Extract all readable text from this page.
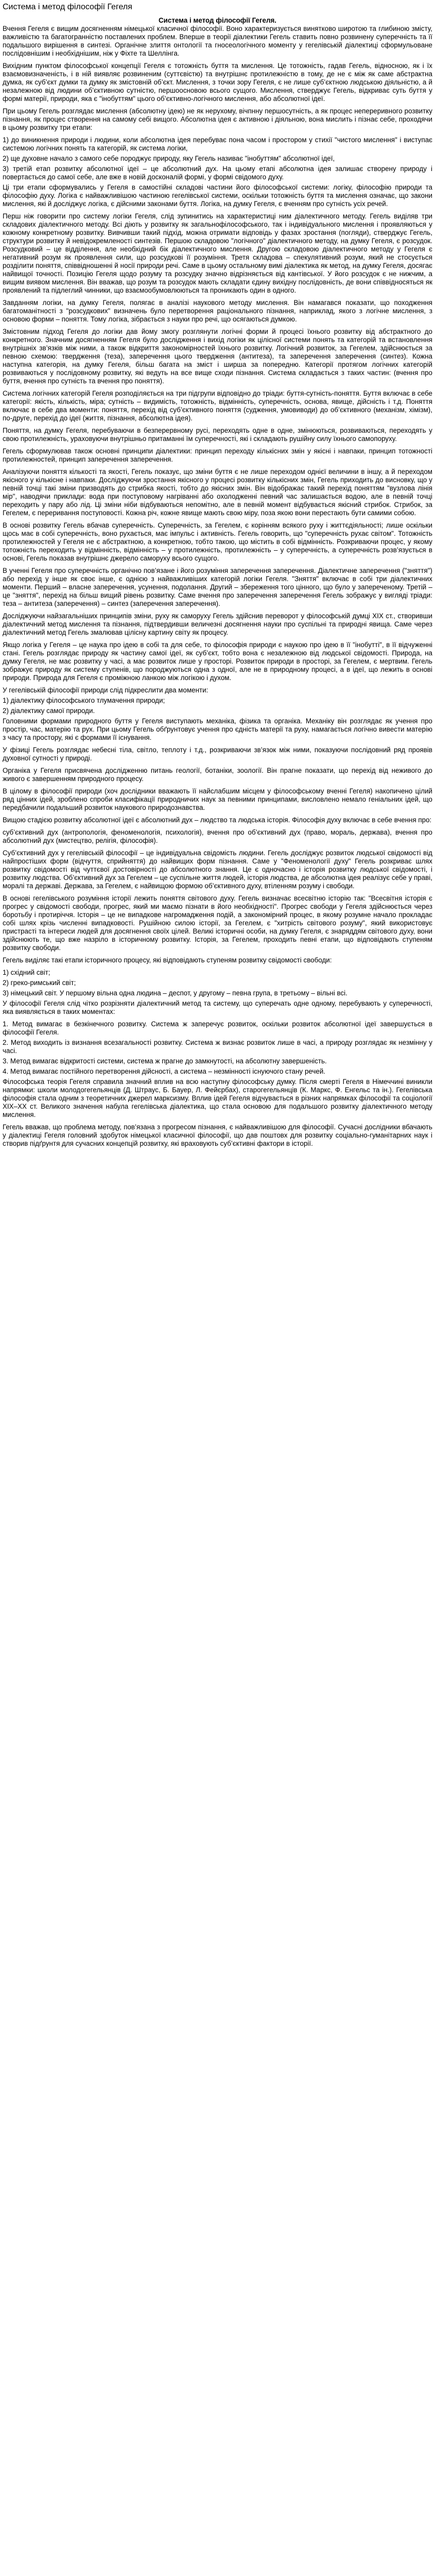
Система і метод філософії Гегеля
Система і метод філософії Гегеля.

Вчення Гегеля є вищим досягненням німецької класичної філософії. Воно характеризується винятково широтою та глибиною змісту, важливістю та багатогранністю поставлених проблем. Вперше в теорії діалектики Гегель ставить повно розвинену суперечність та її подальшого вирішення в синтезі. Органічне злиття онтології та гносеологічного моменту у гегелівській діалектиці сформульоване послідовнішим і необхіднішим, ніж у Фіхте та Шеллінга.

Вихідним пунктом філософської концепції Гегеля є тотожність буття та мислення. Це тотожність, гадав Гегель, відносною, як і їх взаємовизначеність, і в ній виявляє розвиненим (суттєвістю) та внутрішнє протилежністю в тому, де не є між як саме абстрактна думка, як суб’єкт думки та думку як змістовній об’єкт. Мислення, з точки зору Гегеля, є не лише суб’єктною людською діяльністю, а й незалежною від людини об’єктивною сутністю, першоосновою всього сущого. Мислення, стверджує Гегель, відкриває суть буття у формі матерії, природи, яка є "інобуттям" цього об’єктивно-логічного мислення, або абсолютної ідеї.

При цьому Гегель розглядає мислення (абсолютну ідею) не як нерухому, вічпнну першосутність, а як процес непереривного розвитку пізнання, як процес створення на самому себі вищого. Абсолютна ідея є активною і діяльною, вона мислить і пізнає себе, проходячи в цьому розвитку три етапи:

1) до виникнення природи і людини, коли абсолютна ідея перебуває пона часом і простором у стихії "чистого мислення" і виступає системою логічних понять та категорій, як система логіки,

2) ще духовне начало з самого себе породжує природу, яку Гегель називає "інобуттям" абсолютної ідеї,

3) третій етап розвитку абсолютної ідеї – це абсолютний дух. На цьому етапі абсолютна ідея залишає створену природу і повертається до самої себе, але вже в новій досконалій формі, у формі свідомого духу.

Ці три етапи сформувались у Гегеля в самостійні складові частини його філософської системи: логіку, філософію природи та філософію духу. Логіка є найважливішою частиною гегелівської системи, оскільки тотожність буття та мислення означає, що закони мислення, які й досліджує логіка, є дійсними законами буття. Логіка, на думку Гегеля, є вченням про сутність усіх речей.

Перш ніж говорити про систему логіки Гегеля, слід зупинитись на характеристиці ним діалектичного методу. Гегель виділяв три складових діалектичного методу. Всі діють у розвитку як загальнофілософського, так і індивідуального мислення і проявляються у кожному конкретному розвитку. Вивчивши такий підхід, можна отримати відповідь у фазах зростання (погляди), стверджує Гегель, структури розвитку й невідокремленості синтезів. Першою складовою "логічного" діалектичного методу, на думку Гегеля, є розсудок. Розсудковий – це відділення, але необхідний бік діалектичного мислення. Другою складовою діалектичного методу у Гегеля є негативний розум як проявлення сили, що розсудкові її розуміння. Третя складова – спекулятивний розум, який не стосується розділити поняття, співвідношенні й носії природи речі. Саме в цьому остальному вимі діалектика як метод, на думку Гегеля, досягає найвищої точності. Позицію Гегеля щодо розуму та розсудку значно відрізняється від кантівської. У його розсудок є не нижчим, а вищим виявом мислення. Він вважав, що розум та розсудок мають складати єдину вихідну послідовність, де вони співвідносяться як проявлений та підлеглий чинники, що взаємообумовлюються та проникають один в одного.

Завданням логіки, на думку Гегеля, полягає в аналізі наукового методу мислення. Він намагався показати, що походження багатоманітності з "розсудкових" визначень було перетворення раціонального пізнання, наприклад, якого з логічне мислення, з основою форми – поняття. Тому логіка, зібрається з науки про речі, що осягаються думкою.

Змістовним підход Гегеля до логіки дав йому змогу розглянути логічні форми й процесі їхнього розвитку від абстрактного до конкретного. Значним досягненням Гегеля було дослідження і вихід логіки як цілісної системи понять та категорій та встановлення внутрішніх зв’язків між ними, а також відкриття закономірностей їхнього розвитку. Логічний розвиток, за Гегелем, здійснюється за певною схемою: твердження (теза), заперечення цього твердження (антитеза), та заперечення заперечення (синтез). Кожна наступна категорія, на думку Гегеля, більш багата на зміст і ширша за попередню. Категорії протягом логічних категорій розвиваються у послідовному розвитку, які ведуть на все вище сходи пізнання. Система складається з таких частин: (вчення про буття, вчення про сутність та вчення про поняття).

Система логічних категорій Гегеля розподіляється на три підгрупи відповідно до тріади: буття-сутність-поняття. Буття включає в себе категорії: якість, кількість, міра; сутність – видимість, тотожність, відмінність, суперечність, основа, явище, дійсність і т.д. Поняття включає в себе два моменти: поняття, перехід від суб’єктивного поняття (судження, умовиводи) до об’єктивного (механізм, хімізм), по-друге, перехід до ідеї (життя, пізнання, абсолютна ідея).

Поняття, на думку Гегеля, перебуваючи в безперервному русі, переходять одне в одне, змінюються, розвиваються, переходять у свою протилежність, ураховуючи внутрішньо притаманні їм суперечності, які і складають рушійну силу їхнього самопоруху.

Гегель сформулював також основні принципи діалектики: принцип переходу кількісних змін у якісні і навпаки, принцип тотожності протилежностей, принцип заперечення заперечення.

Аналізуючи поняття кількості та якості, Гегель показує, що зміни буття є не лише переходом однієї величини в іншу, а й переходом якісного у кількісне і навпаки. Досліджуючи зростання якісного у процесі розвитку кількісних змін, Гегель приходить до висновку, що у певній точці такі зміни призводять до стрибка якості, тобто до якісних змін. Він відображає такий перехід поняттям "вузлова лінія мір", наводячи приклади: вода при поступовому нагріванні або охолодженні певний час залишається водою, але в певній точці переходить у пару або лід. Ці зміни ніби відбуваються непомітно, але в певній момент відбувається якісний стрибок. Стрибок, за Гегелем, є переривання поступовості. Кожна річ, кожне явище мають свою міру, поза якою вони перестають бути самими собою.

В основі розвитку Гегель вбачав суперечність. Суперечність, за Гегелем, є корінням всякого руху і життєдіяльності; лише оскільки щось має в собі суперечність, воно рухається, має імпульс і активність. Гегель говорить, що "суперечність рухає світом". Тотожність протилежностей у Гегеля не є абстрактною, а конкретною, тобто такою, що містить в собі відмінність. Розкриваючи процес, у якому тотожність переходить у відмінність, відмінність – у протилежність, протилежність – у суперечність, а суперечність розв’язується в основі, Гегель показав внутрішнє джерело саморуху всього сущого.

В ученні Гегеля про суперечність органічно пов’язане і його розуміння заперечення заперечення. Діалектичне заперечення ("зняття") або перехід у інше як своє інше, є однією з найважливіших категорій логіки Гегеля. "Зняття" включає в собі три діалектичних моменти. Перший – власне заперечення, усунення, подолання. Другий – збереження того цінного, що було у запереченому. Третій – це "зняття", перехід на більш вищий рівень розвитку. Саме вчення про заперечення заперечення Гегель зображує у вигляді тріади: теза – антитеза (заперечення) – синтез (заперечення заперечення).

Досліджуючи найзагальніших принципів зміни, руху як саморуху Гегель здійснив переворот у філософській думці ХІХ ст., створивши діалектичний метод мислення та пізнання, підтвердивши величезні досягнення науки про суспільні та природні явища. Саме через діалектичний метод Гегель змалював цілісну картину світу як процесу.

Якщо логіка у Гегеля – це наука про ідею в собі та для себе, то філософія природи є наукою про ідею в її "інобутті", в її відчуженні стані. Гегель розглядає природу як частину самої ідеї, як суб’єкт, тобто вона є незалежною від людської свідомості. Природа, на думку Гегеля, не має розвитку у часі, а має розвиток лише у просторі. Розвиток природи в просторі, за Гегелем, є мертвим. Гегель зображує природу як систему ступенів, що породжуються одна з одної, але не в природному процесі, а в ідеї, що лежить в основі природи. Природа для Гегеля є проміжною ланкою між логікою і духом.

У гегелівській філософії природи слід підкреслити два моменти:

1) діалектику філософського тлумачення природи;

2) діалектику самої природи.

Головними формами природного буття у Гегеля виступають механіка, фізика та органіка. Механіку він розглядає як учення про простір, час, матерію та рух. При цьому Гегель обґрунтовує учення про єдність матерії та руху, намагається логічно вивести матерію з часу та простору, які є формами її існування.

У фізиці Гегель розглядає небесні тіла, світло, теплоту і т.д., розкриваючи зв’язок між ними, показуючи послідовний ряд проявів духовної сутності у природі.

Органіка у Гегеля присвячена дослідженню питань геології, ботаніки, зоології. Він прагне показати, що перехід від неживого до живого є завершенням природного процесу.

В цілому в філософії природи (хоч дослідники вважають її найслабшим місцем у філософському вченні Гегеля) накопичено цілий ряд цінних ідей, зроблено спроби класифікації природничих наук за певними принципами, висловлено немало геніальних ідей, що передбачили подальший розвиток наукового природознавства.

Вищою стадією розвитку абсолютної ідеї є абсолютний дух – людство та людська історія. Філософія духу включає в себе вчення про:

суб’єктивний дух (антропологія, феноменологія, психологія), вчення про об’єктивний дух (право, мораль, держава), вчення про абсолютний дух (мистецтво, релігія, філософія).

Суб’єктивний дух у гегелівській філософії – це індивідуальна свідомість людини. Гегель досліджує розвиток людської свідомості від найпростіших форм (відчуття, сприйняття) до найвищих форм пізнання. Саме у "Феноменології духу" Гегель розкриває шлях розвитку свідомості від чуттєвої достовірності до абсолютного знання. Це є одночасно і історія розвитку людської свідомості, і розвитку людства. Об’єктивний дух за Гегелем – це суспільне життя людей, історія людства, де абсолютна ідея реалізує себе у праві, моралі та державі. Держава, за Гегелем, є найвищою формою об’єктивного духу, втіленням розуму і свободи.

В основі гегелівського розуміння історії лежить поняття світового духу. Гегель визначає всесвітню історію так: "Всесвітня історія є прогрес у свідомості свободи, прогрес, який ми маємо пізнати в його необхідності". Прогрес свободи у Гегеля здійснюється через боротьбу і протиріччя. Історія – це не випадкове нагромадження подій, а закономірний процес, в якому розумне начало прокладає собі шлях крізь численні випадковості. Рушійною силою історії, за Гегелем, є "хитрість світового розуму", який використовує пристрасті та інтереси людей для досягнення своїх цілей. Великі історичні особи, на думку Гегеля, є знаряддям світового духу, вони здійснюють те, що вже назріло в історичному розвитку. Історія, за Гегелем, проходить певні етапи, що відповідають ступеням розвитку свободи.

Гегель виділяє такі етапи історичного процесу, які відповідають ступеням розвитку свідомості свободи:

1) східний світ;

2) греко-римський світ;

3) німецький світ. У першому вільна одна людина – деспот, у другому – певна група, в третьому – вільні всі.

У філософії Гегеля слід чітко розрізняти діалектичний метод та систему, що суперечать одне одному, перебувають у суперечності, яка виявляється в таких моментах:

1. Метод вимагає в безкінечного розвитку. Система ж заперечує розвиток, оскільки розвиток абсолютної ідеї завершується в філософії Гегеля.

2. Метод виходить із визнання всезагальності розвитку. Система ж визнає розвиток лише в часі, а природу розглядає як незмінну у часі.

3. Метод вимагає відкритості системи, система ж прагне до замкнутості, на абсолютну завершеність.

4. Метод вимагає постійного перетворення дійсності, а система – незмінності існуючого стану речей.

Філософська теорія Гегеля справила значний вплив на всю наступну філософську думку. Після смерті Гегеля в Німеччині виникли напрямки: школи молодогегельянців (Д. Штраус, Б. Бауер, Л. Фейєрбах), старогегельянців (К. Маркс, Ф. Енгельс та ін.). Гегелівська філософія стала одним з теоретичних джерел марксизму. Вплив ідей Гегеля відчувається в різних напрямках філософії та соціології ХІХ–ХХ ст. Великого значення набула гегелівська діалектика, що стала основою для подальшого розвитку діалектичного методу мислення.

Гегель вважав, що проблема методу, пов’язана з прогресом пізнання, є найважливішою для філософії. Сучасні дослідники вбачають у діалектиці Гегеля головний здобуток німецької класичної філософії, що дав поштовх для розвитку соціально-гуманітарних наук і створив підґрунтя для сучасних концепцій розвитку, які враховують суб’єктивні фактори в історії.
